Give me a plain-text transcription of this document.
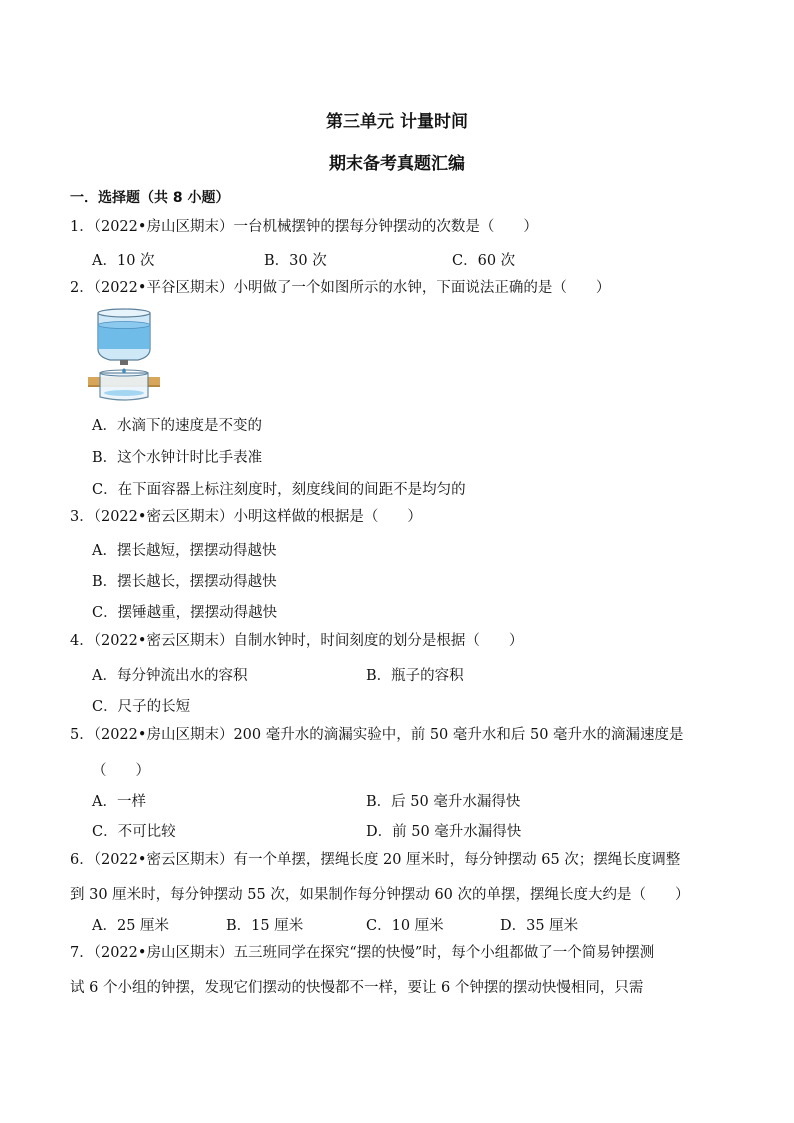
第三单元 计量时间
期末备考真题汇编
一．选择题（共 8 小题）
1．（2022•房山区期末）一台机械摆钟的摆每分钟摆动的次数是（　　）
A．10 次	B．30 次	C．60 次
2．（2022•平谷区期末）小明做了一个如图所示的水钟，下面说法正确的是（　　）
A．水滴下的速度是不变的
B．这个水钟计时比手表准
C．在下面容器上标注刻度时，刻度线间的间距不是均匀的
3．（2022•密云区期末）小明这样做的根据是（　　）
A．摆长越短，摆摆动得越快
B．摆长越长，摆摆动得越快
C．摆锤越重，摆摆动得越快
4．（2022•密云区期末）自制水钟时，时间刻度的划分是根据（　　）
A．每分钟流出水的容积	B．瓶子的容积
C．尺子的长短
5．（2022•房山区期末）200 毫升水的滴漏实验中，前 50 毫升水和后 50 毫升水的滴漏速度是
（　　）
A．一样	B．后 50 毫升水漏得快
C．不可比较	D．前 50 毫升水漏得快
6．（2022•密云区期末）有一个单摆，摆绳长度 20 厘米时，每分钟摆动 65 次；摆绳长度调整
到 30 厘米时，每分钟摆动 55 次，如果制作每分钟摆动 60 次的单摆，摆绳长度大约是（　　）
A．25 厘米	B．15 厘米	C．10 厘米	D．35 厘米
7．（2022•房山区期末）五三班同学在探究“摆的快慢”时，每个小组都做了一个简易钟摆测
试 6 个小组的钟摆，发现它们摆动的快慢都不一样，要让 6 个钟摆的摆动快慢相同，只需
